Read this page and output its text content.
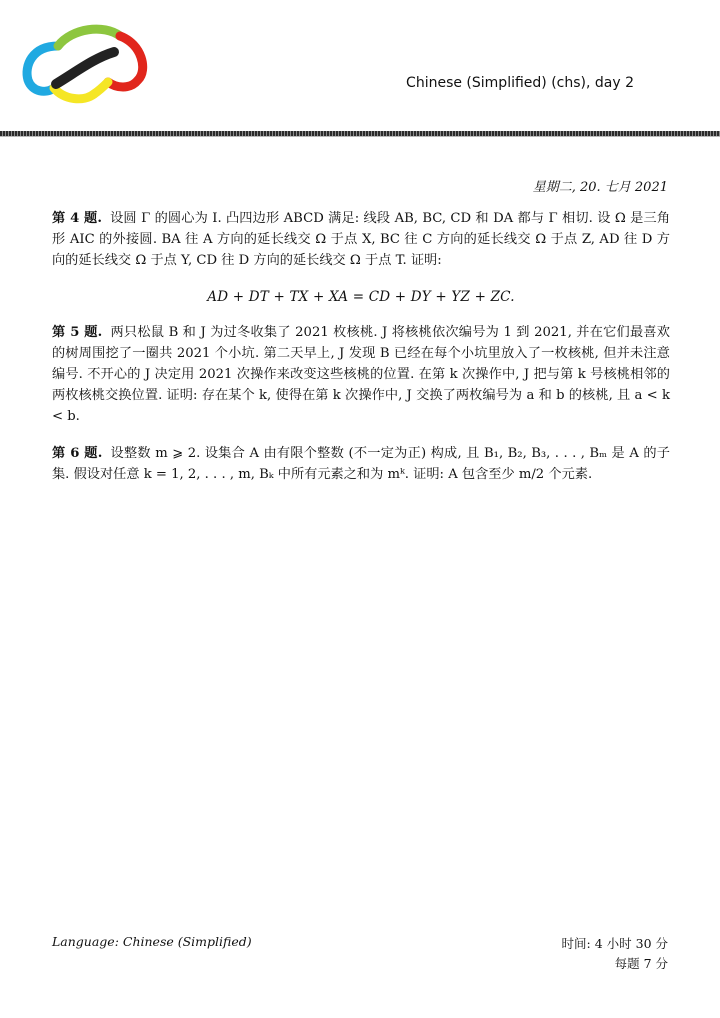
Chinese (Simplified) (chs), day 2
星期二, 20. 七月 2021

第 4 题. 设圆 Γ 的圆心为 I. 凸四边形 ABCD 满足: 线段 AB, BC, CD 和 DA 都与 Γ 相切. 设 Ω 是三角形 AIC 的外接圆. BA 往 A 方向的延长线交 Ω 于点 X, BC 往 C 方向的延长线交 Ω 于点 Z, AD 往 D 方向的延长线交 Ω 于点 Y, CD 往 D 方向的延长线交 Ω 于点 T. 证明:

AD + DT + TX + XA = CD + DY + YZ + ZC.

第 5 题. 两只松鼠 B 和 J 为过冬收集了 2021 枚核桃. J 将核桃依次编号为 1 到 2021, 并在它们最喜欢的树周围挖了一圈共 2021 个小坑. 第二天早上, J 发现 B 已经在每个小坑里放入了一枚核桃, 但并未注意编号. 不开心的 J 决定用 2021 次操作来改变这些核桃的位置. 在第 k 次操作中, J 把与第 k 号核桃相邻的两枚核桃交换位置. 证明: 存在某个 k, 使得在第 k 次操作中, J 交换了两枚编号为 a 和 b 的核桃, 且 a < k < b.

第 6 题. 设整数 m ⩾ 2. 设集合 A 由有限个整数 (不一定为正) 构成, 且 B₁, B₂, B₃, . . . , Bₘ 是 A 的子集. 假设对任意 k = 1, 2, . . . , m, Bₖ 中所有元素之和为 mᵏ. 证明: A 包含至少 m/2 个元素.

Language: Chinese (Simplified)	时间: 4 小时 30 分
每题 7 分
